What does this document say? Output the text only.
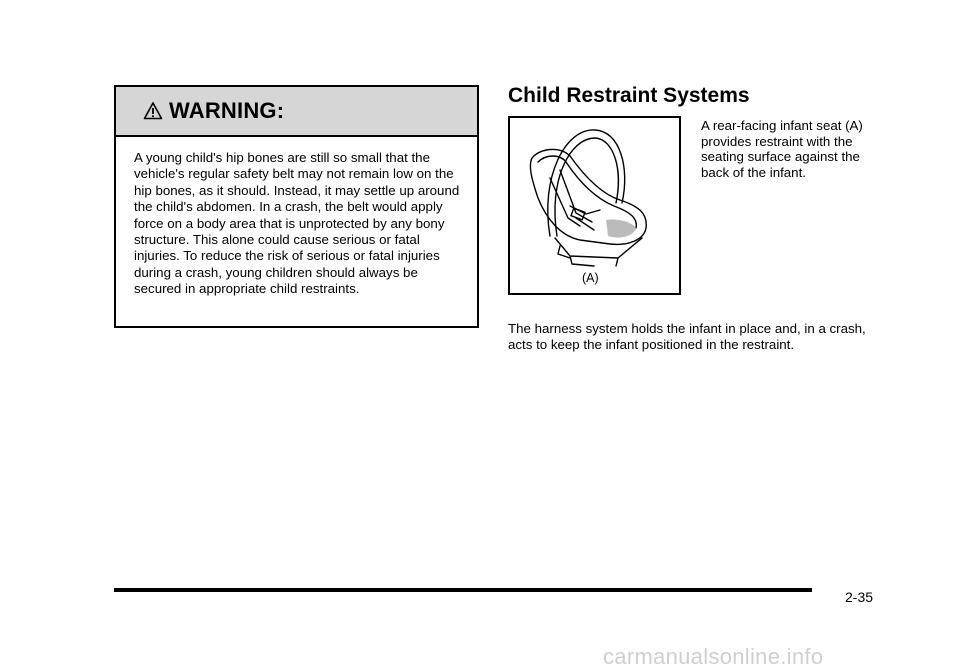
WARNING:
A young child's hip bones are still so small that the vehicle's regular safety belt may not remain low on the hip bones, as it should. Instead, it may settle up around the child's abdomen. In a crash, the belt would apply force on a body area that is unprotected by any bony structure. This alone could cause serious or fatal injuries. To reduce the risk of serious or fatal injuries during a crash, young children should always be secured in appropriate child restraints.
Child Restraint Systems
(A)
A rear-facing infant seat (A) provides restraint with the seating surface against the back of the infant.
The harness system holds the infant in place and, in a crash, acts to keep the infant positioned in the restraint.
2-35
carmanualsonline.info
